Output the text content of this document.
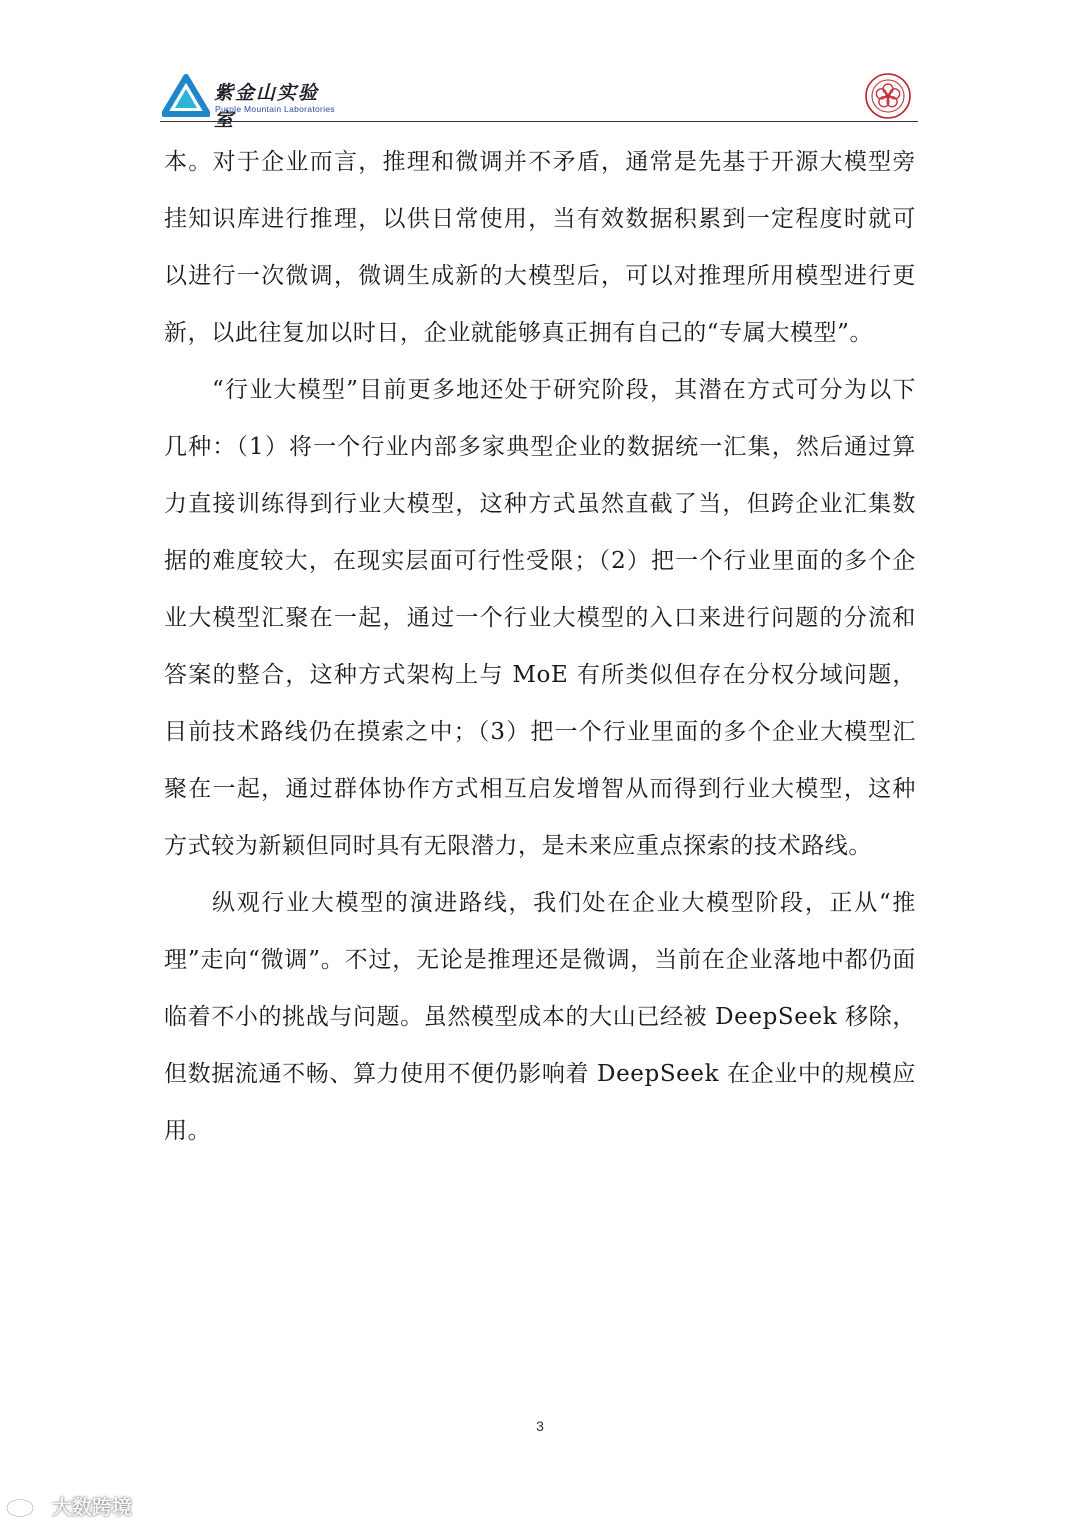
紫金山实验室
Purple Mountain Laboratories

本。对于企业而言，推理和微调并不矛盾，通常是先基于开源大模型旁挂知识库进行推理，以供日常使用，当有效数据积累到一定程度时就可以进行一次微调，微调生成新的大模型后，可以对推理所用模型进行更新，以此往复加以时日，企业就能够真正拥有自己的“专属大模型”。

“行业大模型”目前更多地还处于研究阶段，其潜在方式可分为以下几种：（1）将一个行业内部多家典型企业的数据统一汇集，然后通过算力直接训练得到行业大模型，这种方式虽然直截了当，但跨企业汇集数据的难度较大，在现实层面可行性受限；（2）把一个行业里面的多个企业大模型汇聚在一起，通过一个行业大模型的入口来进行问题的分流和答案的整合，这种方式架构上与 MoE 有所类似但存在分权分域问题，目前技术路线仍在摸索之中；（3）把一个行业里面的多个企业大模型汇聚在一起，通过群体协作方式相互启发增智从而得到行业大模型，这种方式较为新颖但同时具有无限潜力，是未来应重点探索的技术路线。

纵观行业大模型的演进路线，我们处在企业大模型阶段，正从“推理”走向“微调”。不过，无论是推理还是微调，当前在企业落地中都仍面临着不小的挑战与问题。虽然模型成本的大山已经被 DeepSeek 移除，但数据流通不畅、算力使用不便仍影响着 DeepSeek 在企业中的规模应用。

3
大数跨境
